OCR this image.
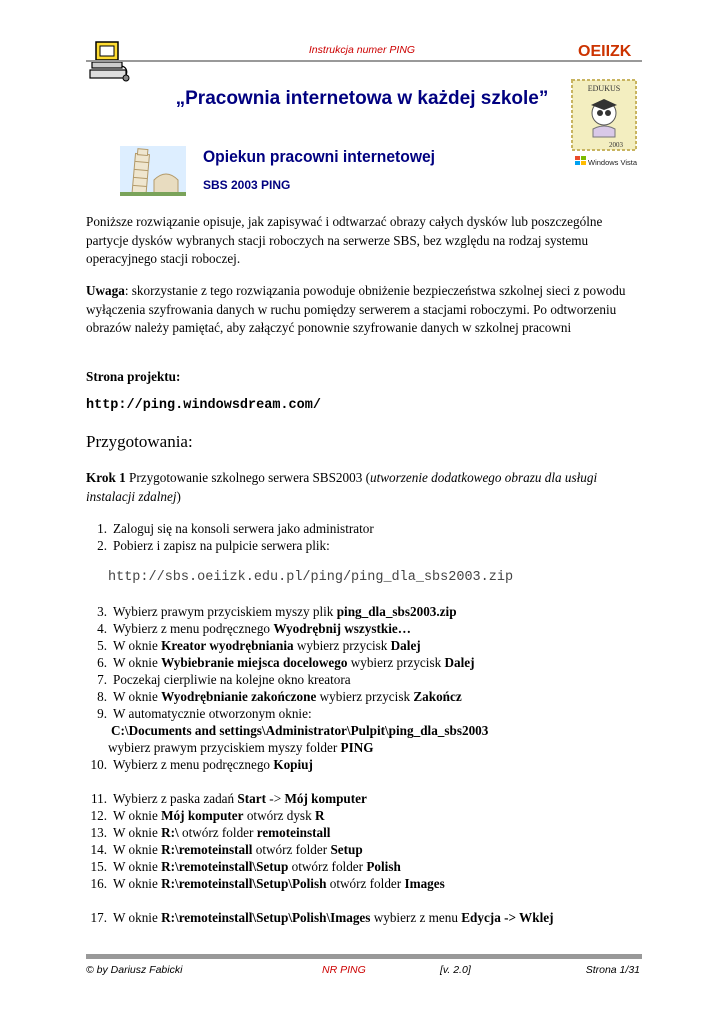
Instrukcja numer PING	OEIIZK
EDUKUS
2003
Windows Vista
„Pracownia internetowa w każdej szkole”
Opiekun pracowni internetowej
SBS 2003 PING
Poniższe rozwiązanie opisuje, jak zapisywać i odtwarzać obrazy całych dysków lub poszczególne partycje dysków wybranych stacji roboczych na serwerze SBS, bez względu na rodzaj systemu operacyjnego stacji roboczej.
Uwaga: skorzystanie z tego rozwiązania powoduje obniżenie bezpieczeństwa szkolnej sieci z powodu wyłączenia szyfrowania danych w ruchu pomiędzy serwerem a stacjami roboczymi. Po odtworzeniu obrazów należy pamiętać, aby załączyć ponownie szyfrowanie danych w szkolnej pracowni
Strona projektu:
http://ping.windowsdream.com/
Przygotowania:
Krok 1 Przygotowanie szkolnego serwera SBS2003 (utworzenie dodatkowego obrazu dla usługi instalacji zdalnej)
1. Zaloguj się na konsoli serwera jako administrator
2. Pobierz i zapisz na pulpicie serwera plik:
http://sbs.oeiizk.edu.pl/ping/ping_dla_sbs2003.zip
3. Wybierz prawym przyciskiem myszy plik ping_dla_sbs2003.zip
4. Wybierz z menu podręcznego Wyodrębnij wszystkie…
5. W oknie Kreator wyodrębniania wybierz przycisk Dalej
6. W oknie Wybiebranie miejsca docelowego wybierz przycisk Dalej
7. Poczekaj cierpliwie na kolejne okno kreatora
8. W oknie Wyodrębnianie zakończone wybierz przycisk Zakończ
9. W automatycznie otworzonym oknie:
C:\Documents and settings\Administrator\Pulpit\ping_dla_sbs2003
wybierz prawym przyciskiem myszy folder PING
10. Wybierz z menu podręcznego Kopiuj
11. Wybierz z paska zadań Start -> Mój komputer
12. W oknie Mój komputer otwórz dysk R
13. W oknie R:\ otwórz folder remoteinstall
14. W oknie R:\remoteinstall otwórz folder Setup
15. W oknie R:\remoteinstall\Setup otwórz folder Polish
16. W oknie R:\remoteinstall\Setup\Polish otwórz folder Images
17. W oknie R:\remoteinstall\Setup\Polish\Images wybierz z menu Edycja -> Wklej
© by Dariusz Fabicki	NR PING	[v. 2.0]	Strona 1/31
